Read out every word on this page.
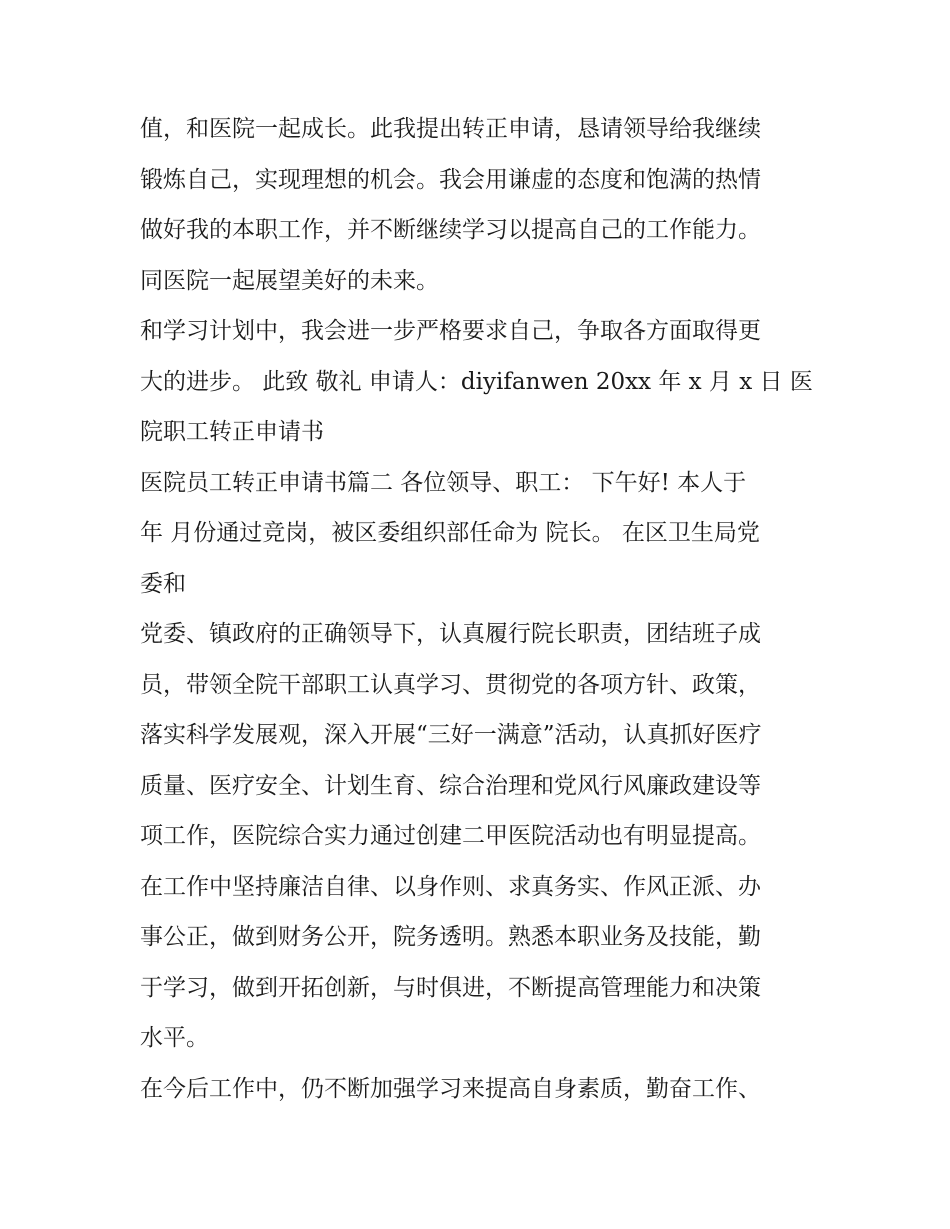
值，和医院一起成长。此我提出转正申请，恳请领导给我继续
锻炼自己，实现理想的机会。我会用谦虚的态度和饱满的热情
做好我的本职工作，并不断继续学习以提高自己的工作能力。
同医院一起展望美好的未来。
和学习计划中，我会进一步严格要求自己，争取各方面取得更
大的进步。 此致 敬礼 申请人：diyifanwen 20xx 年 x 月 x 日 医
院职工转正申请书
医院员工转正申请书篇二 各位领导、职工： 下午好! 本人于
年 月份通过竞岗，被区委组织部任命为 院长。 在区卫生局党
委和
党委、镇政府的正确领导下，认真履行院长职责，团结班子成
员，带领全院干部职工认真学习、贯彻党的各项方针、政策，
落实科学发展观，深入开展“三好一满意”活动，认真抓好医疗
质量、医疗安全、计划生育、综合治理和党风行风廉政建设等
项工作，医院综合实力通过创建二甲医院活动也有明显提高。
在工作中坚持廉洁自律、以身作则、求真务实、作风正派、办
事公正，做到财务公开，院务透明。熟悉本职业务及技能，勤
于学习，做到开拓创新，与时俱进，不断提高管理能力和决策
水平。
在今后工作中，仍不断加强学习来提高自身素质，勤奋工作、
